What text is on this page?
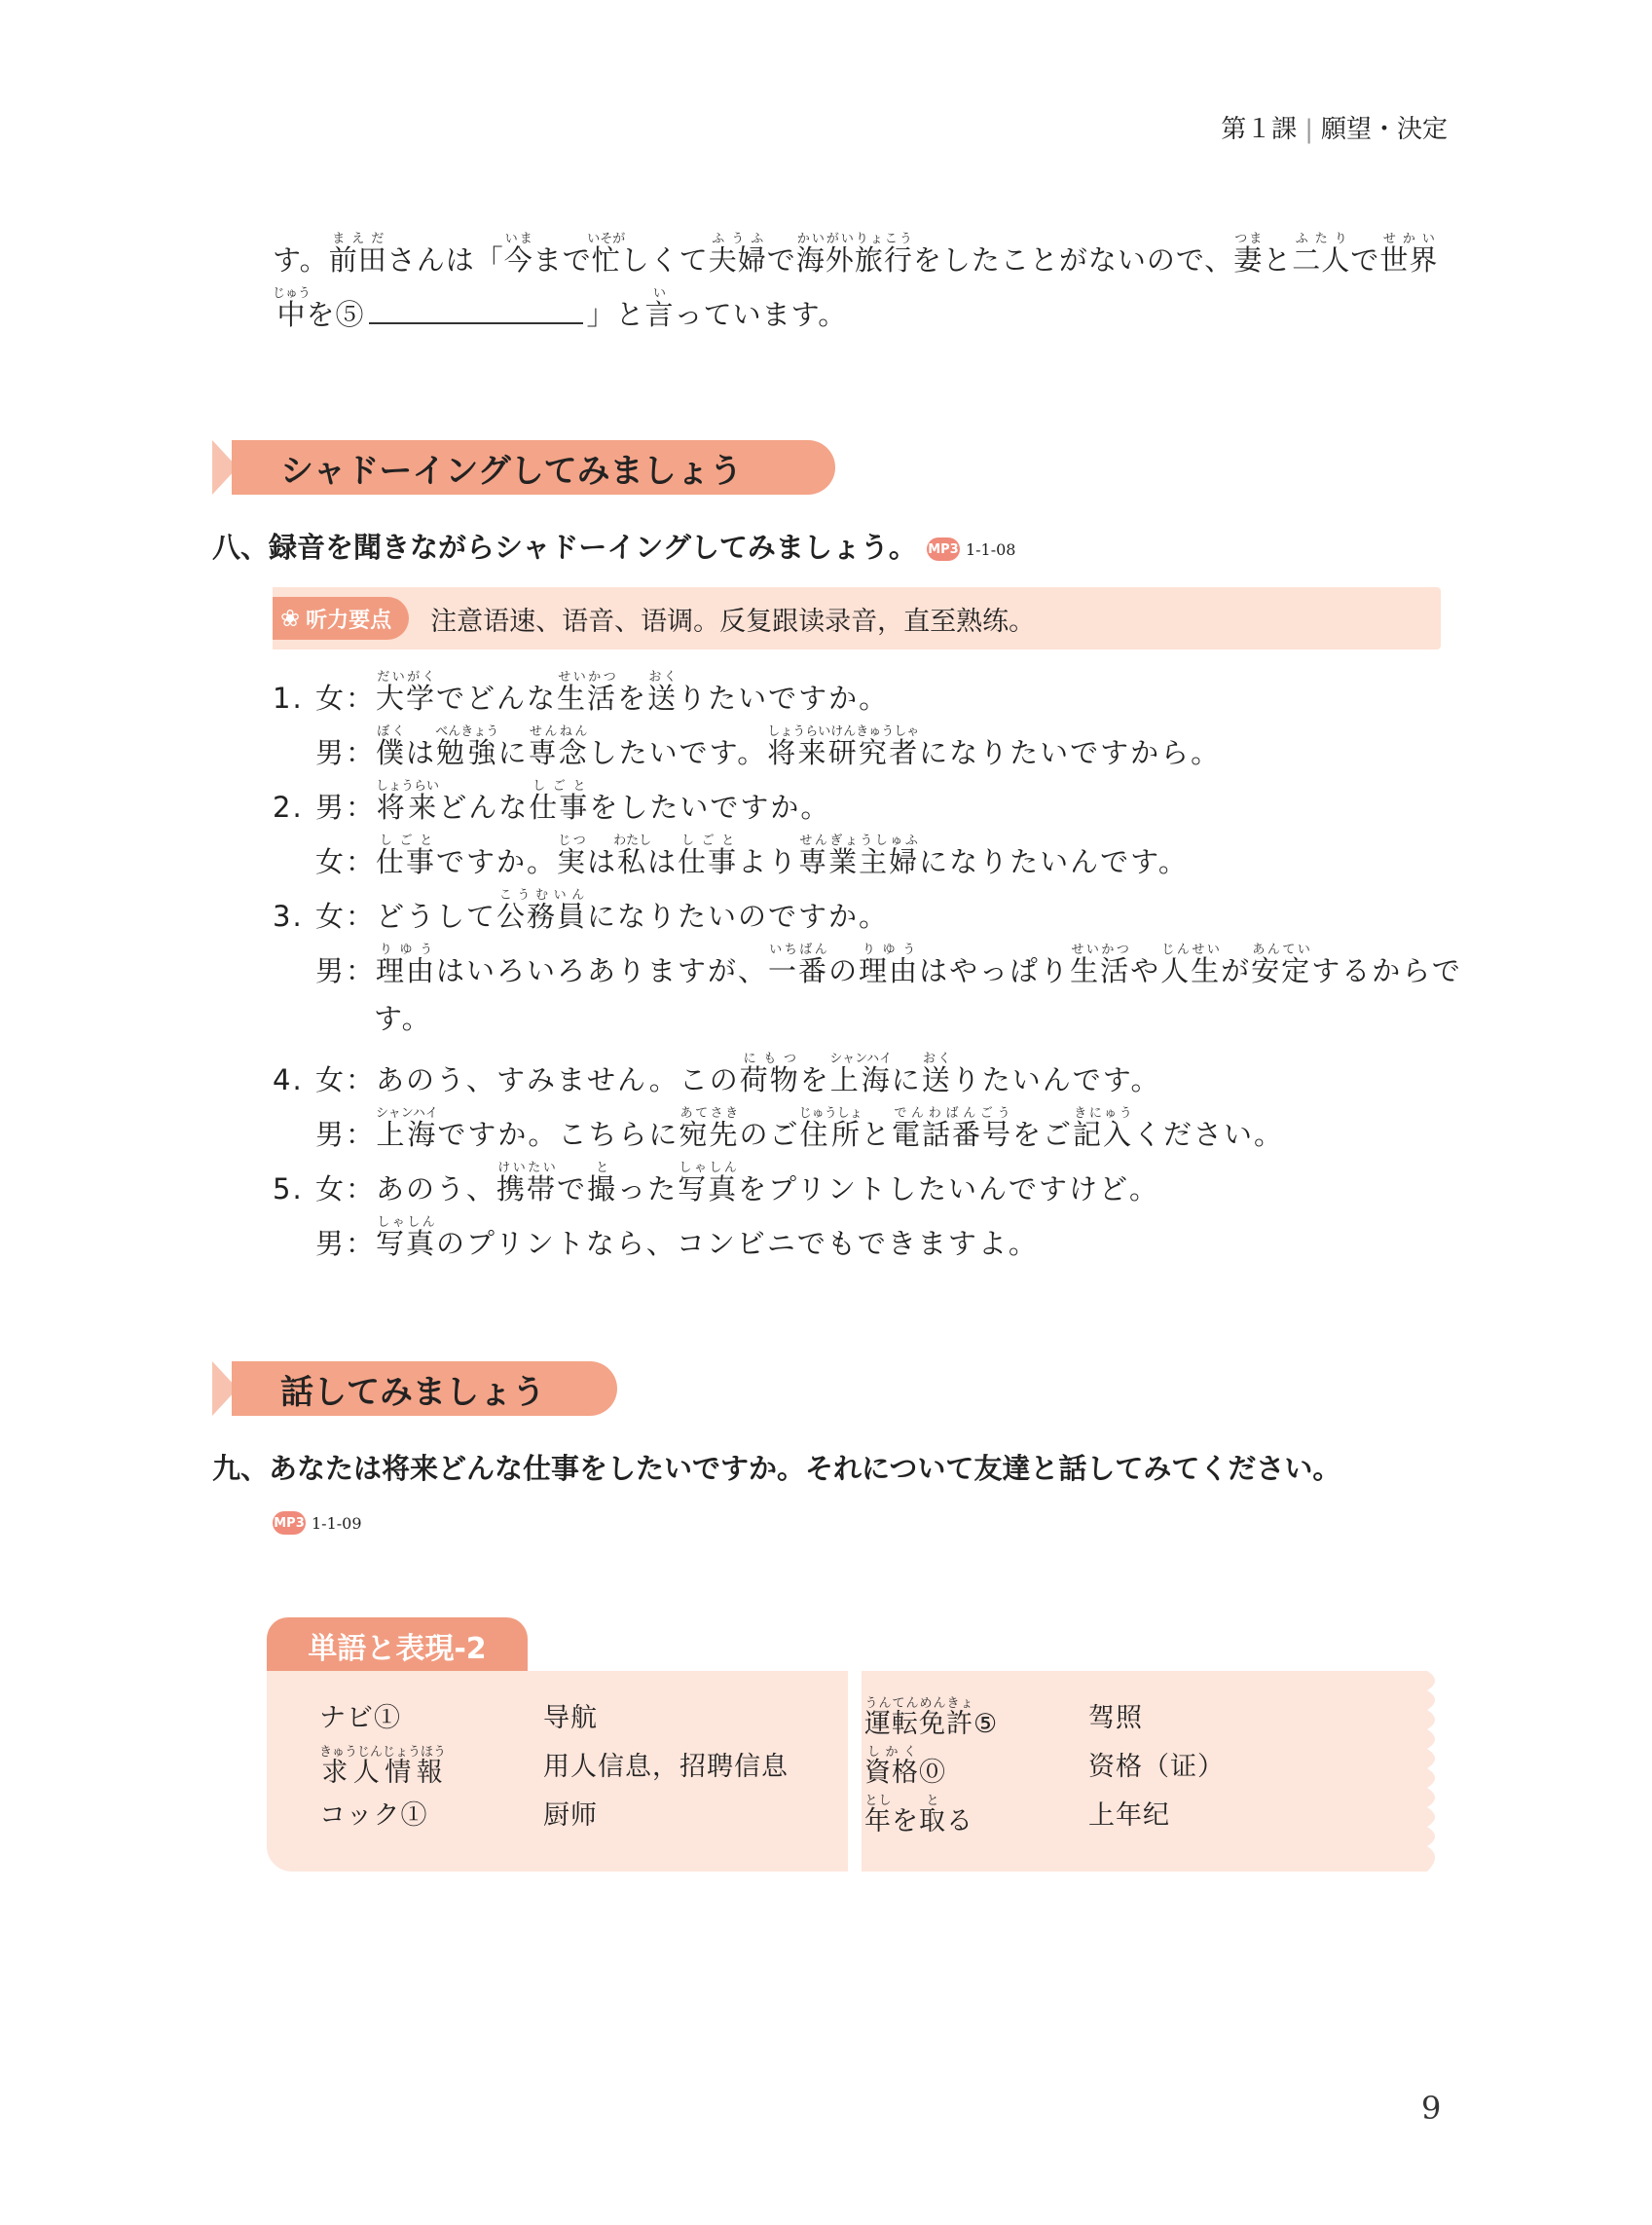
第１課 | 願望・決定
す。前田まえださんは「今いままで忙いそがしくて夫婦ふうふで海外旅行かいがいりょこうをしたことがないので、妻つまと二人ふたりで世界せかい
中じゅうを⑤	」と言いっています。
シャドーイングしてみましょう
八、録音を聞きながらシャドーイングしてみましょう。 MP3 1-1-08
❀ 听力要点 注意语速、语音、语调。反复跟读录音，直至熟练。
1. 女：大学だいがくでどんな生活せいかつを送おくりたいですか。
男：僕ぼくは勉強べんきょうに専念せんねんしたいです。将来研究者しょうらいけんきゅうしゃになりたいですから。
2. 男：将来しょうらいどんな仕事しごとをしたいですか。
女：仕事しごとですか。実じつは私わたしは仕事しごとより専業主婦せんぎょうしゅふになりたいんです。
3. 女：どうして公務員こうむいんになりたいのですか。
男：理由りゆうはいろいろありますが、一番いちばんの理由りゆうはやっぱり生活せいかつや人生じんせいが安定あんていするからで
す。
4. 女：あのう、すみません。この荷物にもつを上海シャンハイに送おくりたいんです。
男：上海シャンハイですか。こちらに宛先あてさきのご住所じゅうしょと電話番号でんわばんごうをご記入きにゅうください。
5. 女：あのう、携帯けいたいで撮とった写真しゃしんをプリントしたいんですけど。
男：写真しゃしんのプリントなら、コンビニでもできますよ。
話してみましょう
九、あなたは将来どんな仕事をしたいですか。それについて友達と話してみてください。
MP3 1-1-09
単語と表現-2
ナビ①	导航
求人情報きゅうじんじょうほう	用人信息，招聘信息
コック①	厨师
運転免許うんてんめんきょ⑤	驾照
資格しかく⓪	资格（证）
年としを取とる	上年纪
9
